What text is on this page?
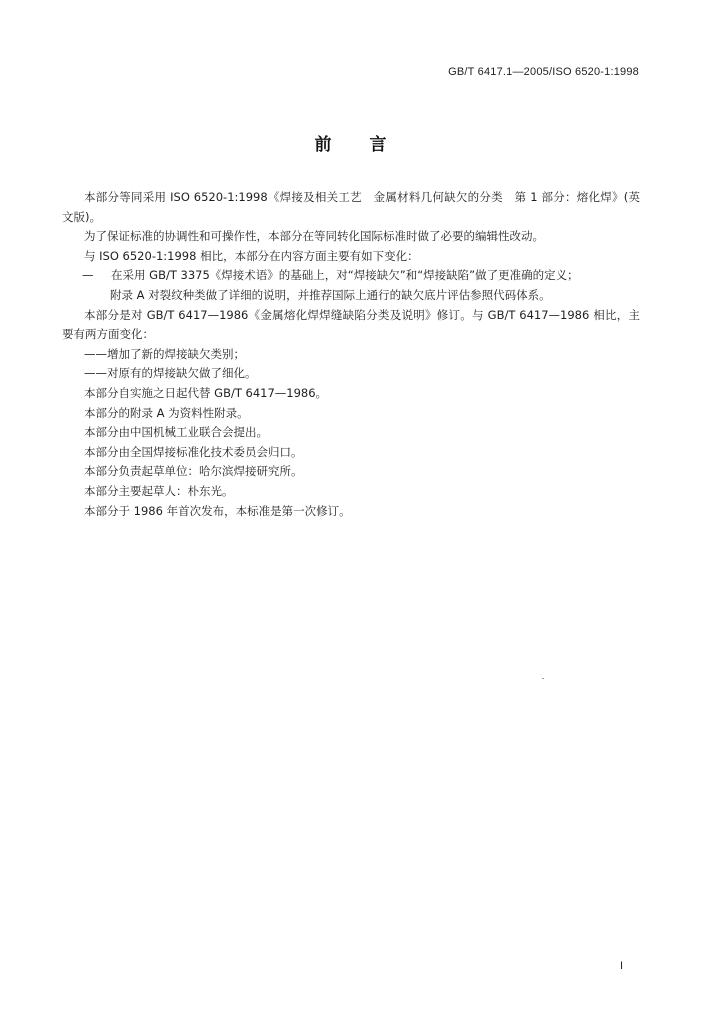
GB/T 6417.1—2005/ISO 6520-1:1998
前言

本部分等同采用 ISO 6520-1:1998《焊接及相关工艺　金属材料几何缺欠的分类　第 1 部分：熔化焊》(英文版)。

为了保证标准的协调性和可操作性，本部分在等同转化国际标准时做了必要的编辑性改动。

与 ISO 6520-1:1998 相比，本部分在内容方面主要有如下变化：

— 在采用 GB/T 3375《焊接术语》的基础上，对“焊接缺欠”和“焊接缺陷”做了更准确的定义；

附录 A 对裂纹种类做了详细的说明，并推荐国际上通行的缺欠底片评估参照代码体系。

本部分是对 GB/T 6417—1986《金属熔化焊焊缝缺陷分类及说明》修订。与 GB/T 6417—1986 相比，主要有两方面变化：

——增加了新的焊接缺欠类别；

——对原有的焊接缺欠做了细化。

本部分自实施之日起代替 GB/T 6417—1986。

本部分的附录 A 为资料性附录。

本部分由中国机械工业联合会提出。

本部分由全国焊接标准化技术委员会归口。

本部分负责起草单位：哈尔滨焊接研究所。

本部分主要起草人：朴东光。

本部分于 1986 年首次发布，本标准是第一次修订。

I
